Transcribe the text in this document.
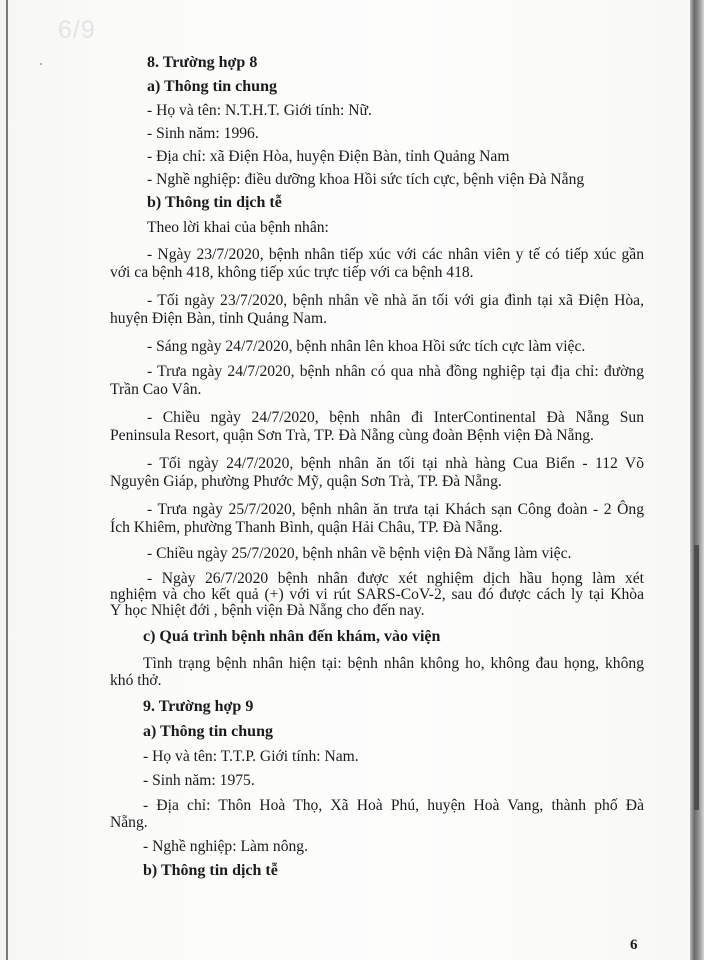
6/9
8. Trường hợp 8
a) Thông tin chung
- Họ và tên: N.T.H.T. Giới tính: Nữ.
- Sinh năm: 1996.
- Địa chỉ: xã Điện Hòa, huyện Điện Bàn, tỉnh Quảng Nam
- Nghề nghiệp: điều dưỡng khoa Hồi sức tích cực, bệnh viện Đà Nẵng
b) Thông tin dịch tễ
Theo lời khai của bệnh nhân:
- Ngày 23/7/2020, bệnh nhân tiếp xúc với các nhân viên y tế có tiếp xúc gần
với ca bệnh 418, không tiếp xúc trực tiếp với ca bệnh 418.
- Tối ngày 23/7/2020, bệnh nhân về nhà ăn tối với gia đình tại xã Điện Hòa,
huyện Điện Bàn, tỉnh Quảng Nam.
- Sáng ngày 24/7/2020, bệnh nhân lên khoa Hồi sức tích cực làm việc.
- Trưa ngày 24/7/2020, bệnh nhân có qua nhà đồng nghiệp tại địa chỉ: đường
Trần Cao Vân.
- Chiều ngày 24/7/2020, bệnh nhân đi InterContinental Đà Nẵng Sun
Peninsula Resort, quận Sơn Trà, TP. Đà Nẵng cùng đoàn Bệnh viện Đà Nẵng.
- Tối ngày 24/7/2020, bệnh nhân ăn tối tại nhà hàng Cua Biển - 112 Võ
Nguyên Giáp, phường Phước Mỹ, quận Sơn Trà, TP. Đà Nẵng.
- Trưa ngày 25/7/2020, bệnh nhân ăn trưa tại Khách sạn Công đoàn - 2 Ông
Ích Khiêm, phường Thanh Bình, quận Hải Châu, TP. Đà Nẵng.
- Chiều ngày 25/7/2020, bệnh nhân về bệnh viện Đà Nẵng làm việc.
- Ngày 26/7/2020 bệnh nhân được xét nghiệm dịch hầu họng làm xét
nghiệm và cho kết quả (+) với vi rút SARS-CoV-2, sau đó được cách ly tại Khòa
Y học Nhiệt đới , bệnh viện Đà Nẵng cho đến nay.
c) Quá trình bệnh nhân đến khám, vào viện
Tình trạng bệnh nhân hiện tại: bệnh nhân không ho, không đau họng, không
khó thở.
9. Trường hợp 9
a) Thông tin chung
- Họ và tên: T.T.P. Giới tính: Nam.
- Sinh năm: 1975.
- Địa chỉ: Thôn Hoà Thọ, Xã Hoà Phú, huyện Hoà Vang, thành phố Đà
Nẵng.
- Nghề nghiệp: Làm nông.
b) Thông tin dịch tễ
6
